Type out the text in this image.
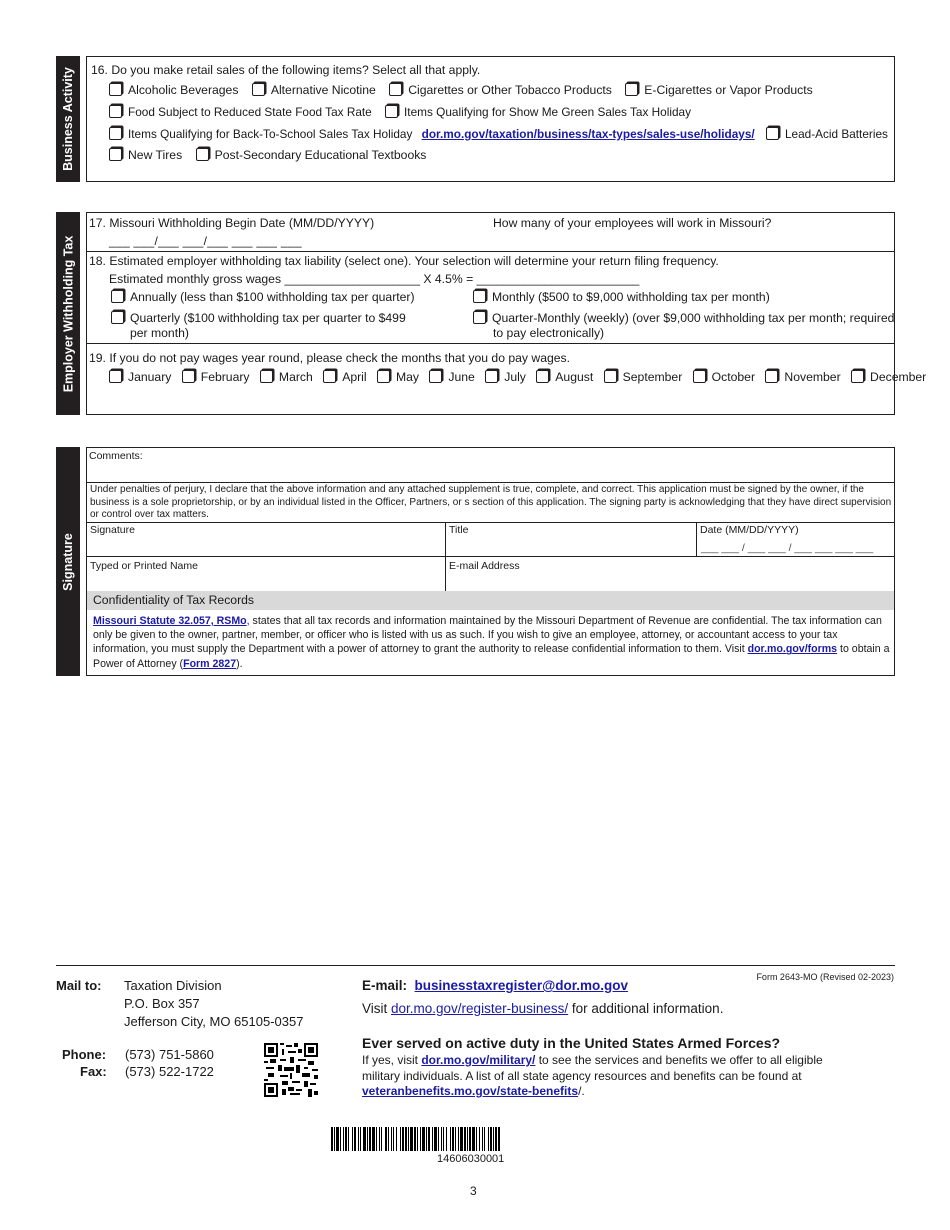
Business Activity 16. Do you make retail sales of the following items? Select all that apply.
Alcoholic Beverages	Alternative Nicotine	Cigarettes or Other Tobacco Products	E-Cigarettes or Vapor Products
Food Subject to Reduced State Food Tax Rate	Items Qualifying for Show Me Green Sales Tax Holiday
Items Qualifying for Back-To-School Sales Tax Holiday dor.mo.gov/taxation/business/tax-types/sales-use/holidays/	Lead-Acid Batteries
New Tires	Post-Secondary Educational Textbooks
Employer Withholding Tax
17. Missouri Withholding Begin Date (MM/DD/YYYY)
___ ___/___ ___/___ ___ ___ ___
How many of your employees will work in Missouri?
18. Estimated employer withholding tax liability (select one). Your selection will determine your return filing frequency.
Estimated monthly gross wages ____________________ X 4.5% = ________________________
Annually (less than $100 withholding tax per quarter)	Monthly ($500 to $9,000 withholding tax per month)
Quarterly ($100 withholding tax per quarter to $499
per month)
Quarter-Monthly (weekly) (over $9,000 withholding tax per month; required
to pay electronically)
19. If you do not pay wages year round, please check the months that you do pay wages.
January February March April May June July August September October November December
Signature
Comments:
Under penalties of perjury, I declare that the above information and any attached supplement is true, complete, and correct. This application must be signed by the owner, if the business is a sole proprietorship, or by an individual listed in the Officer, Partners, or s section of this application. The signing party is acknowledging that they have direct supervision or control over tax matters.
Signature	Title	Date (MM/DD/YYYY)
___ ___ / ___ ___ / ___ ___ ___ ___
Typed or Printed Name	E-mail Address
Confidentiality of Tax Records
Missouri Statute 32.057, RSMo, states that all tax records and information maintained by the Missouri Department of Revenue are confidential. The tax information can only be given to the owner, partner, member, or officer who is listed with us as such. If you wish to give an employee, attorney, or accountant access to your tax information, you must supply the Department with a power of attorney to grant the authority to release confidential information to them. Visit dor.mo.gov/forms to obtain a Power of Attorney (Form 2827).
Form 2643-MO (Revised 02-2023)
Mail to: Taxation Division
P.O. Box 357
Jefferson City, MO 65105-0357
Phone: (573) 751-5860
Fax: (573) 522-1722
E-mail: businesstaxregister@dor.mo.gov
Visit dor.mo.gov/register-business/ for additional information.
Ever served on active duty in the United States Armed Forces?
If yes, visit dor.mo.gov/military/ to see the services and benefits we offer to all eligible
military individuals. A list of all state agency resources and benefits can be found at
veteranbenefits.mo.gov/state-benefits/.
14606030001
3
